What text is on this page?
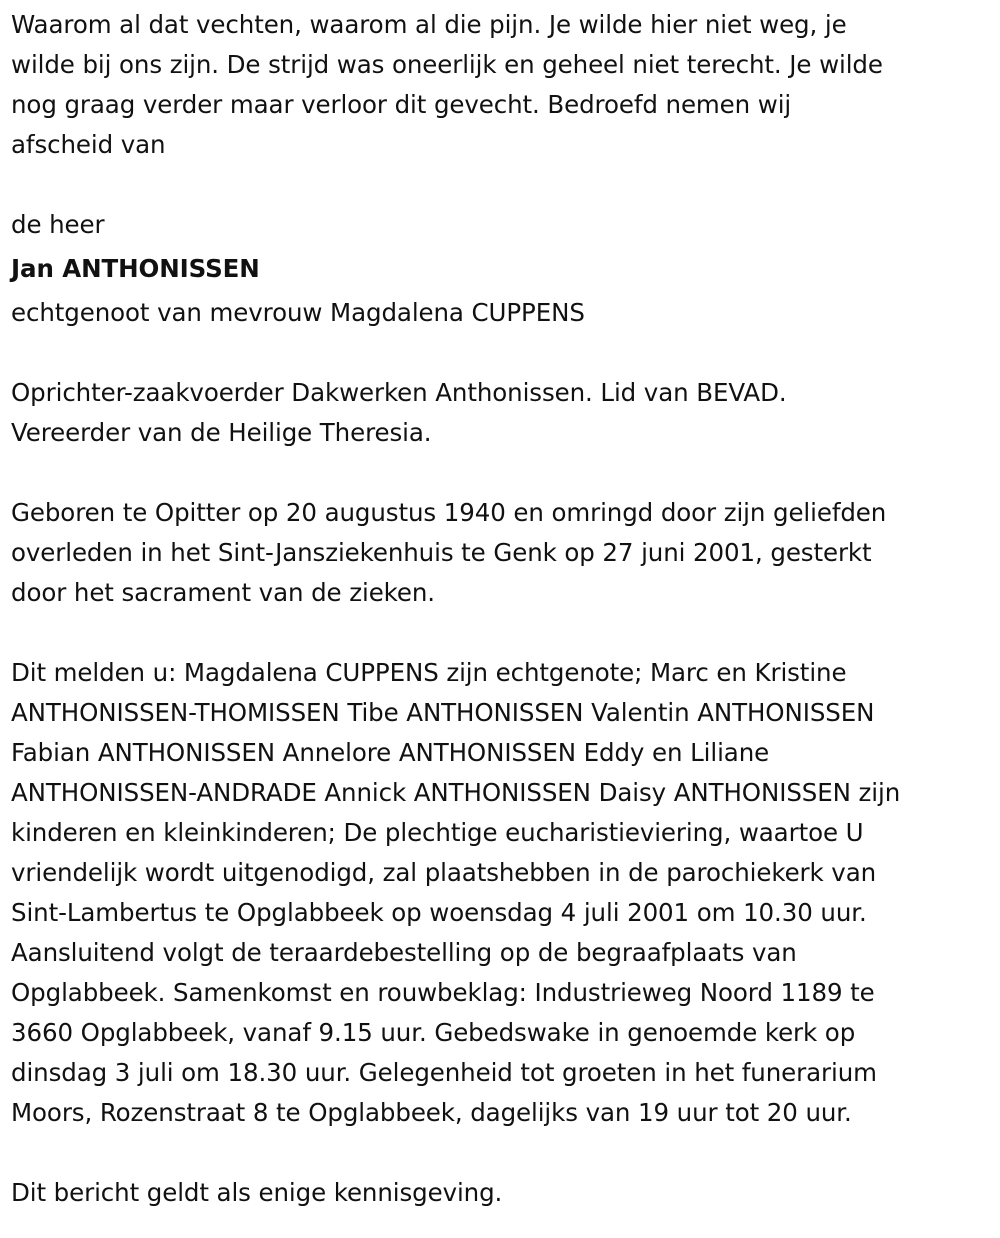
Waarom al dat vechten, waarom al die pijn. Je wilde hier niet weg, je
wilde bij ons zijn. De strijd was oneerlijk en geheel niet terecht. Je wilde
nog graag verder maar verloor dit gevecht. Bedroefd nemen wij
afscheid van

de heer

Jan ANTHONISSEN

echtgenoot van mevrouw Magdalena CUPPENS

Oprichter-zaakvoerder Dakwerken Anthonissen. Lid van BEVAD.
Vereerder van de Heilige Theresia.

Geboren te Opitter op 20 augustus 1940 en omringd door zijn geliefden
overleden in het Sint-Jansziekenhuis te Genk op 27 juni 2001, gesterkt
door het sacrament van de zieken.

Dit melden u: Magdalena CUPPENS zijn echtgenote; Marc en Kristine
ANTHONISSEN-THOMISSEN Tibe ANTHONISSEN Valentin ANTHONISSEN
Fabian ANTHONISSEN Annelore ANTHONISSEN Eddy en Liliane
ANTHONISSEN-ANDRADE Annick ANTHONISSEN Daisy ANTHONISSEN zijn
kinderen en kleinkinderen; De plechtige eucharistieviering, waartoe U
vriendelijk wordt uitgenodigd, zal plaatshebben in de parochiekerk van
Sint-Lambertus te Opglabbeek op woensdag 4 juli 2001 om 10.30 uur.
Aansluitend volgt de teraardebestelling op de begraafplaats van
Opglabbeek. Samenkomst en rouwbeklag: Industrieweg Noord 1189 te
3660 Opglabbeek, vanaf 9.15 uur. Gebedswake in genoemde kerk op
dinsdag 3 juli om 18.30 uur. Gelegenheid tot groeten in het funerarium
Moors, Rozenstraat 8 te Opglabbeek, dagelijks van 19 uur tot 20 uur.

Dit bericht geldt als enige kennisgeving.
